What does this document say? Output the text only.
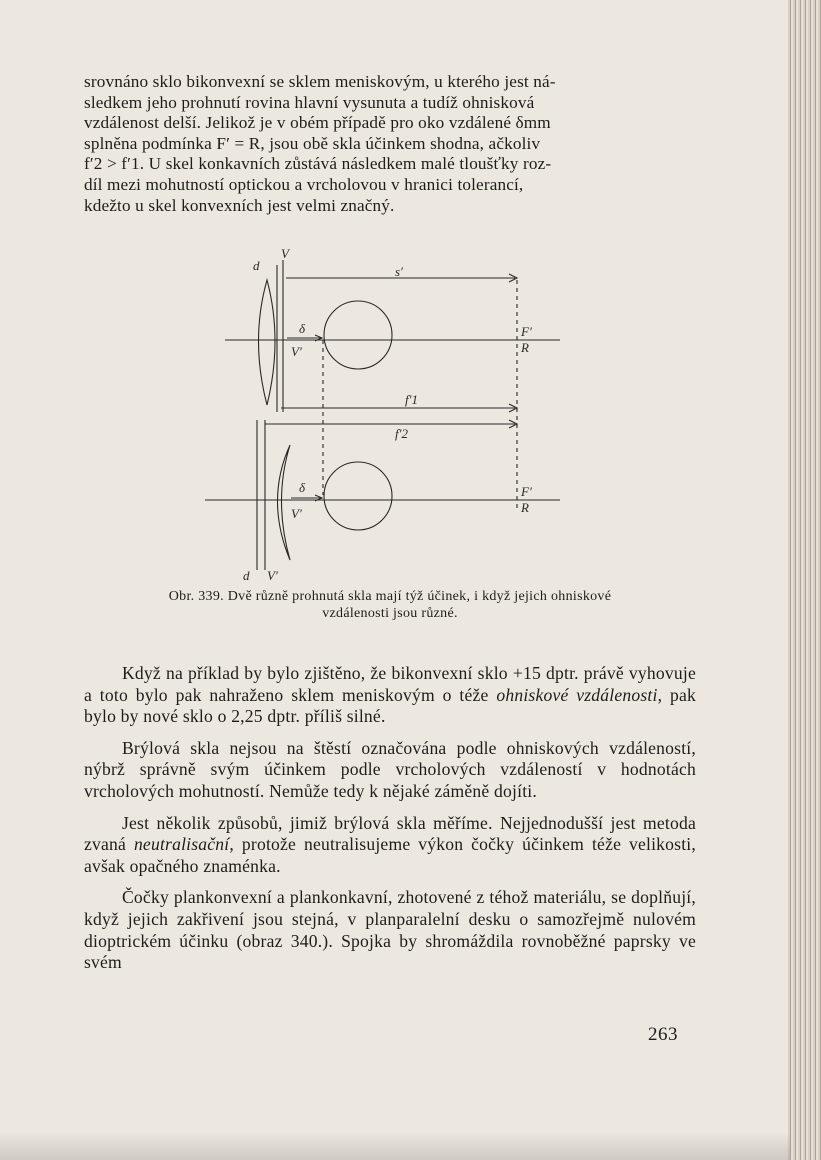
srovnáno sklo bikonvexní se sklem meniskovým, u kterého jest ná-
sledkem jeho prohnutí rovina hlavní vysunuta a tudíž ohnisková
vzdálenost delší. Jelikož je v obém případě pro oko vzdálené δmm
splněna podmínka F′ = R, jsou obě skla účinkem shodna, ačkoliv
f′2 > f′1. U skel konkavních zůstává následkem malé tloušťky roz-
díl mezi mohutností optickou a vrcholovou v hranici tolerancí,
kdežto u skel konvexních jest velmi značný.
d
V
s′
δ
V′
F′
R
f′1
f′2
δ
V′
F′
R
d V′
Obr. 339. Dvě různě prohnutá skla mají týž účinek, i když jejich ohniskové
vzdálenosti jsou různé.

Když na příklad by bylo zjištěno, že bikonvexní sklo +15 dptr. právě vyhovuje a toto bylo pak nahraženo sklem meniskovým o téže ohniskové vzdálenosti, pak bylo by nové sklo o 2,25 dptr. příliš silné.

Brýlová skla nejsou na štěstí označována podle ohniskových vzdáleností, nýbrž správně svým účinkem podle vrcholových vzdáleností v hodnotách vrcholových mohutností. Nemůže tedy k nějaké záměně dojíti.

Jest několik způsobů, jimiž brýlová skla měříme. Nejjednodušší jest metoda zvaná neutralisační, protože neutralisujeme výkon čočky účinkem téže velikosti, avšak opačného znaménka.

Čočky plankonvexní a plankonkavní, zhotovené z téhož materiálu, se doplňují, když jejich zakřivení jsou stejná, v planparalelní desku o samozřejmě nulovém dioptrickém účinku (obraz 340.). Spojka by shromáždila rovnoběžné paprsky ve svém

263
